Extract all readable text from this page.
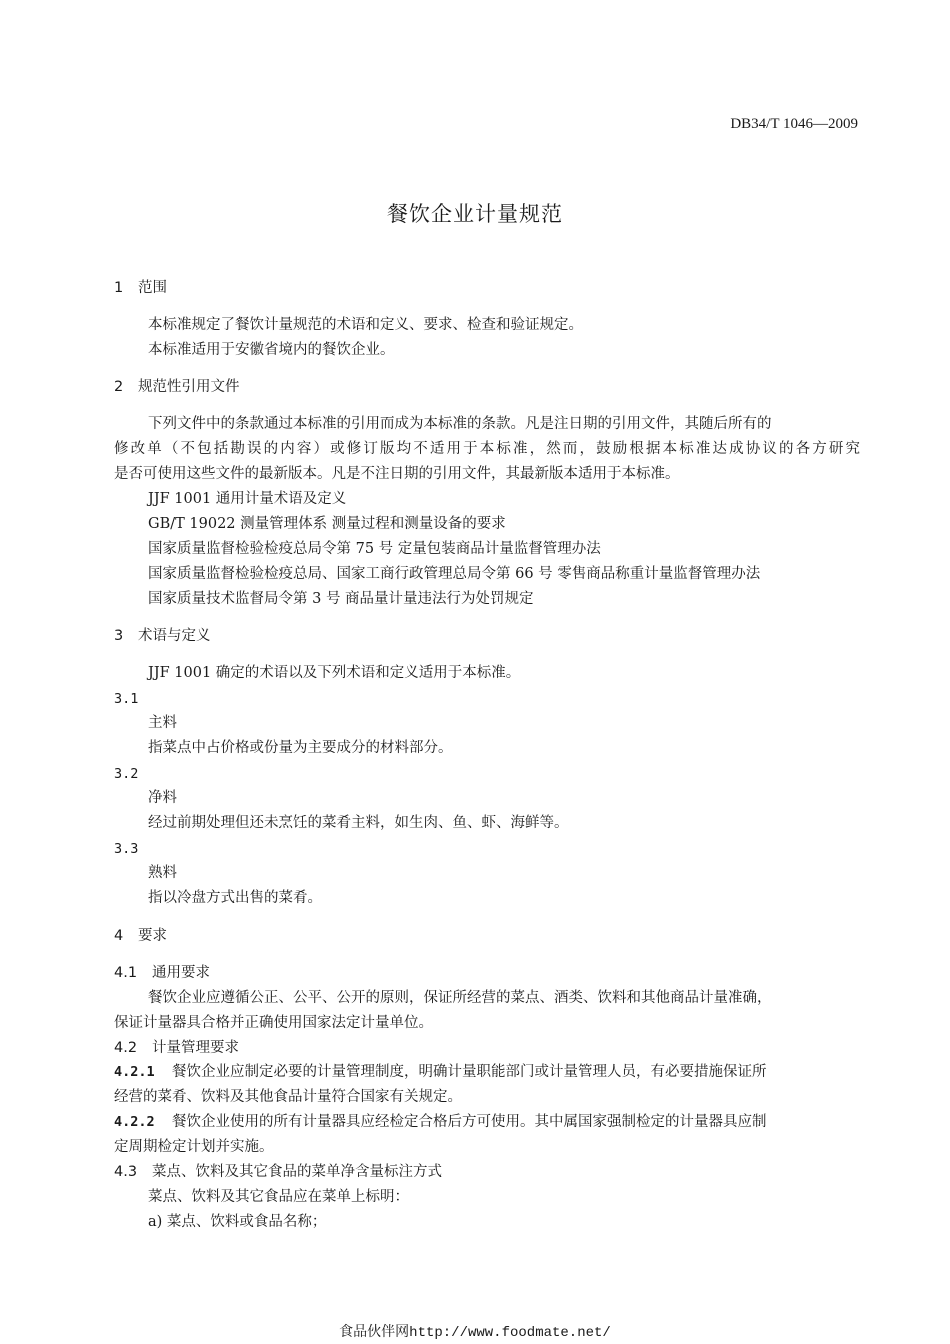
DB34/T 1046—2009
餐饮企业计量规范
1 范围
本标准规定了餐饮计量规范的术语和定义、要求、检查和验证规定。
本标准适用于安徽省境内的餐饮企业。
2 规范性引用文件
下列文件中的条款通过本标准的引用而成为本标准的条款。凡是注日期的引用文件，其随后所有的
修改单（不包括勘误的内容）或修订版均不适用于本标准，然而，鼓励根据本标准达成协议的各方研究
是否可使用这些文件的最新版本。凡是不注日期的引用文件，其最新版本适用于本标准。
JJF 1001 通用计量术语及定义
GB/T 19022 测量管理体系 测量过程和测量设备的要求
国家质量监督检验检疫总局令第 75 号 定量包装商品计量监督管理办法
国家质量监督检验检疫总局、国家工商行政管理总局令第 66 号 零售商品称重计量监督管理办法
国家质量技术监督局令第 3 号 商品量计量违法行为处罚规定
3 术语与定义
JJF 1001 确定的术语以及下列术语和定义适用于本标准。
3.1
主料
指菜点中占价格或份量为主要成分的材料部分。
3.2
净料
经过前期处理但还未烹饪的菜肴主料，如生肉、鱼、虾、海鲜等。
3.3
熟料
指以冷盘方式出售的菜肴。
4 要求
4.1 通用要求
餐饮企业应遵循公正、公平、公开的原则，保证所经营的菜点、酒类、饮料和其他商品计量准确，
保证计量器具合格并正确使用国家法定计量单位。
4.2 计量管理要求
4.2.1 餐饮企业应制定必要的计量管理制度，明确计量职能部门或计量管理人员，有必要措施保证所
经营的菜肴、饮料及其他食品计量符合国家有关规定。
4.2.2 餐饮企业使用的所有计量器具应经检定合格后方可使用。其中属国家强制检定的计量器具应制
定周期检定计划并实施。
4.3 菜点、饮料及其它食品的菜单净含量标注方式
菜点、饮料及其它食品应在菜单上标明：
a) 菜点、饮料或食品名称；
食品伙伴网http://www.foodmate.net/
